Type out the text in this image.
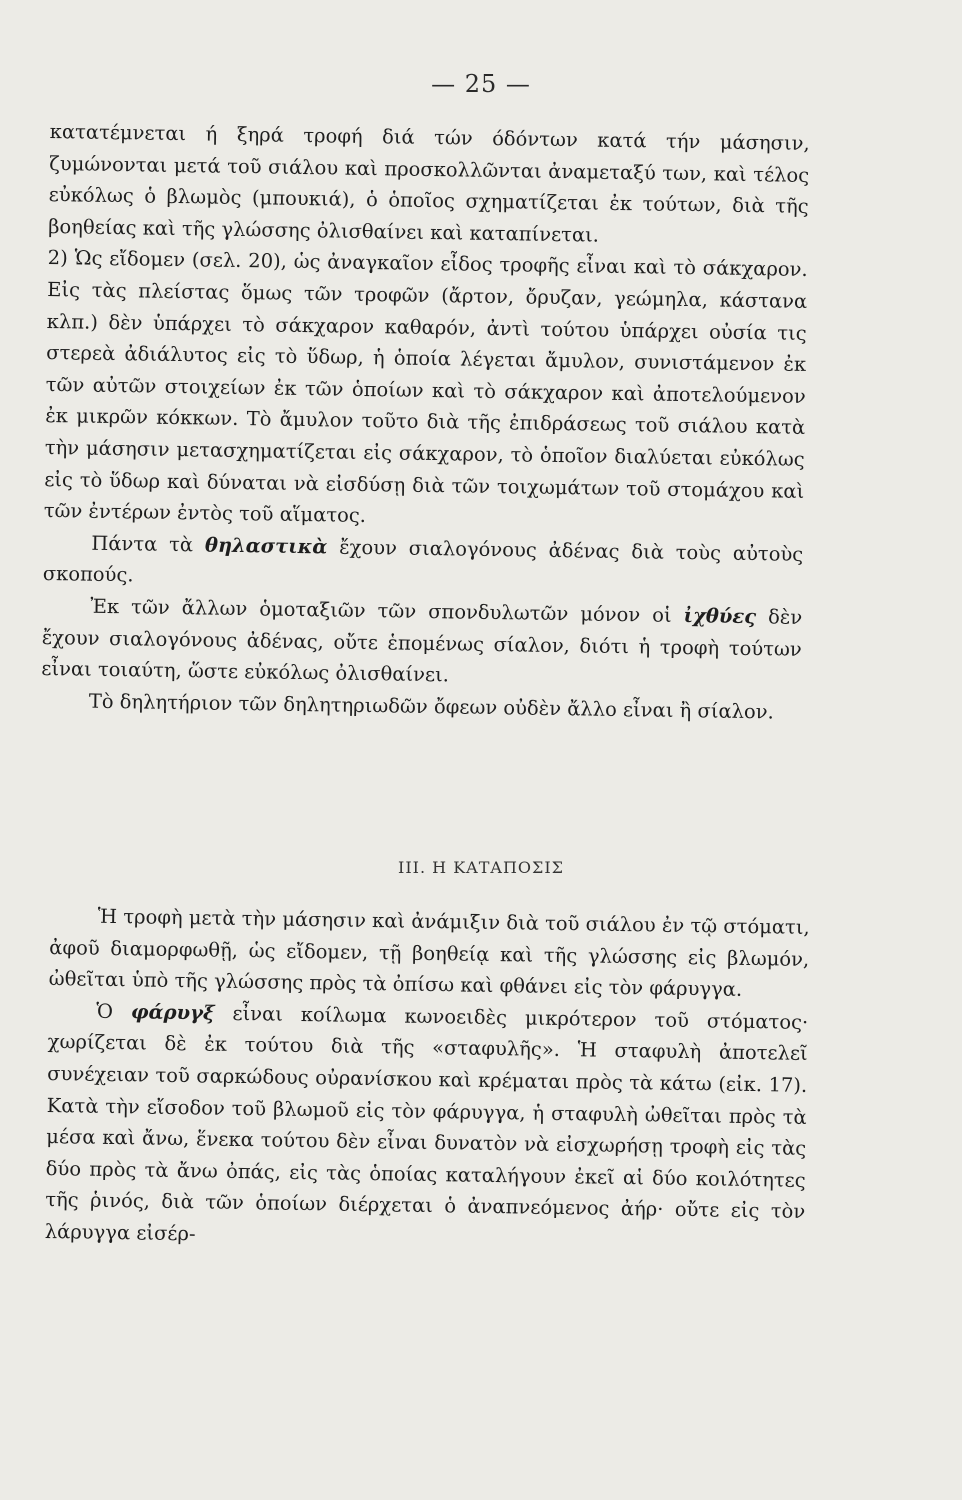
— 25 —

κατατέμνεται ή ξηρά τροφή διά τών όδόντων κατά τήν μάσησιν, ζυμώνονται μετά τοῦ σιάλου καὶ προσκολλῶνται ἀναμεταξύ των, καὶ τέλος εὐκόλως ὁ βλωμὸς (μπουκιά), ὁ ὁποῖος σχηματίζεται ἐκ τούτων, διὰ τῆς βοηθείας καὶ τῆς γλώσσης ὀλισθαίνει καὶ καταπίνεται.

2) Ὡς εἴδομεν (σελ. 20), ὡς ἀναγκαῖον εἶδος τροφῆς εἶναι καὶ τὸ σάκχαρον. Εἰς τὰς πλείστας ὅμως τῶν τροφῶν (ἄρτον, ὄρυζαν, γεώμηλα, κάστανα κλπ.) δὲν ὑπάρχει τὸ σάκχαρον καθαρόν, ἀντὶ τούτου ὑπάρχει οὐσία τις στερεὰ ἀδιάλυτος εἰς τὸ ὕδωρ, ἡ ὁποία λέγεται ἄμυλον, συνιστάμενον ἐκ τῶν αὐτῶν στοιχείων ἐκ τῶν ὁποίων καὶ τὸ σάκχαρον καὶ ἀποτελούμενον ἐκ μικρῶν κόκκων. Τὸ ἄμυλον τοῦτο διὰ τῆς ἐπιδράσεως τοῦ σιάλου κατὰ τὴν μάσησιν μετασχηματίζεται εἰς σάκχαρον, τὸ ὁποῖον διαλύεται εὐκόλως εἰς τὸ ὕδωρ καὶ δύναται νὰ εἰσδύσῃ διὰ τῶν τοιχωμάτων τοῦ στομάχου καὶ τῶν ἐντέρων ἐντὸς τοῦ αἵματος.

Πάντα τὰ θηλαστικὰ ἔχουν σιαλογόνους ἀδένας διὰ τοὺς αὐτοὺς σκοπούς.

Ἐκ τῶν ἄλλων ὁμοταξιῶν τῶν σπονδυλωτῶν μόνον οἱ ἰχθύες δὲν ἔχουν σιαλογόνους ἀδένας, οὔτε ἑπομένως σίαλον, διότι ἡ τροφὴ τούτων εἶναι τοιαύτη, ὥστε εὐκόλως ὀλισθαίνει.

Τὸ δηλητήριον τῶν δηλητηριωδῶν ὄφεων οὐδὲν ἄλλο εἶναι ἢ σίαλον.

III. Η ΚΑΤΑΠΟΣΙΣ

Ἡ τροφὴ μετὰ τὴν μάσησιν καὶ ἀνάμιξιν διὰ τοῦ σιάλου ἐν τῷ στόματι, ἀφοῦ διαμορφωθῇ, ὡς εἴδομεν, τῇ βοηθείᾳ καὶ τῆς γλώσσης εἰς βλωμόν, ὠθεῖται ὑπὸ τῆς γλώσσης πρὸς τὰ ὀπίσω καὶ φθάνει εἰς τὸν φάρυγγα.

Ὁ φάρυγξ εἶναι κοίλωμα κωνοειδὲς μικρότερον τοῦ στόματος· χωρίζεται δὲ ἐκ τούτου διὰ τῆς «σταφυλῆς». Ἡ σταφυλὴ ἀποτελεῖ συνέχειαν τοῦ σαρκώδους οὐρανίσκου καὶ κρέμαται πρὸς τὰ κάτω (εἰκ. 17). Κατὰ τὴν εἴσοδον τοῦ βλωμοῦ εἰς τὸν φάρυγγα, ἡ σταφυλὴ ὠθεῖται πρὸς τὰ μέσα καὶ ἄνω, ἕνεκα τούτου δὲν εἶναι δυνατὸν νὰ εἰσχωρήσῃ τροφὴ εἰς τὰς δύο πρὸς τὰ ἄνω ὀπάς, εἰς τὰς ὁποίας καταλήγουν ἐκεῖ αἱ δύο κοιλότητες τῆς ῥινός, διὰ τῶν ὁποίων διέρχεται ὁ ἀναπνεόμενος ἀήρ· οὔτε εἰς τὸν λάρυγγα εἰσέρ-
